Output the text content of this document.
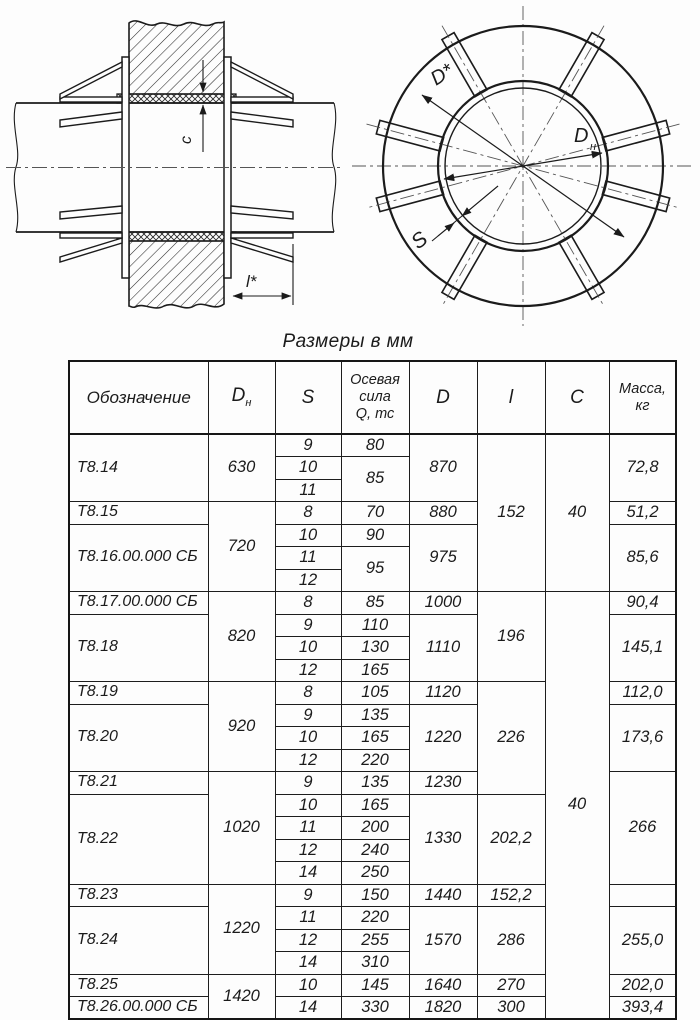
с
l*
D*
D н
S
Размеры в мм
Обозначение	$D_н$	S	Осевая
сила
Q, тс	D	l	C	Масса,
кг	

Т8.14	630	9	80	870	152	40	72,8	
		10	85					
		11						
Т8.15	720	8	70	880			51,2	
Т8.16.00.000 СБ		10	90	975			85,6	
		11	95					
		12						
Т8.17.00.000 СБ	820	8	85	1000	196	40	90,4	
Т8.18		9	110	1110			145,1	
		10	130					
		12	165					
Т8.19	920	8	105	1120	226		112,0	
Т8.20		9	135	1220			173,6	
		10	165					
		12	220					
Т8.21	1020	9	135	1230			266	
Т8.22		10	165	1330	202,2			
		11	200					
		12	240					
		14	250					
Т8.23	1220	9	150	1440	152,2			
Т8.24		11	220	1570	286		255,0	
		12	255					
		14	310					
Т8.25	1420	10	145	1640	270		202,0	
Т8.26.00.000 СБ		14	330	1820	300		393,4	
